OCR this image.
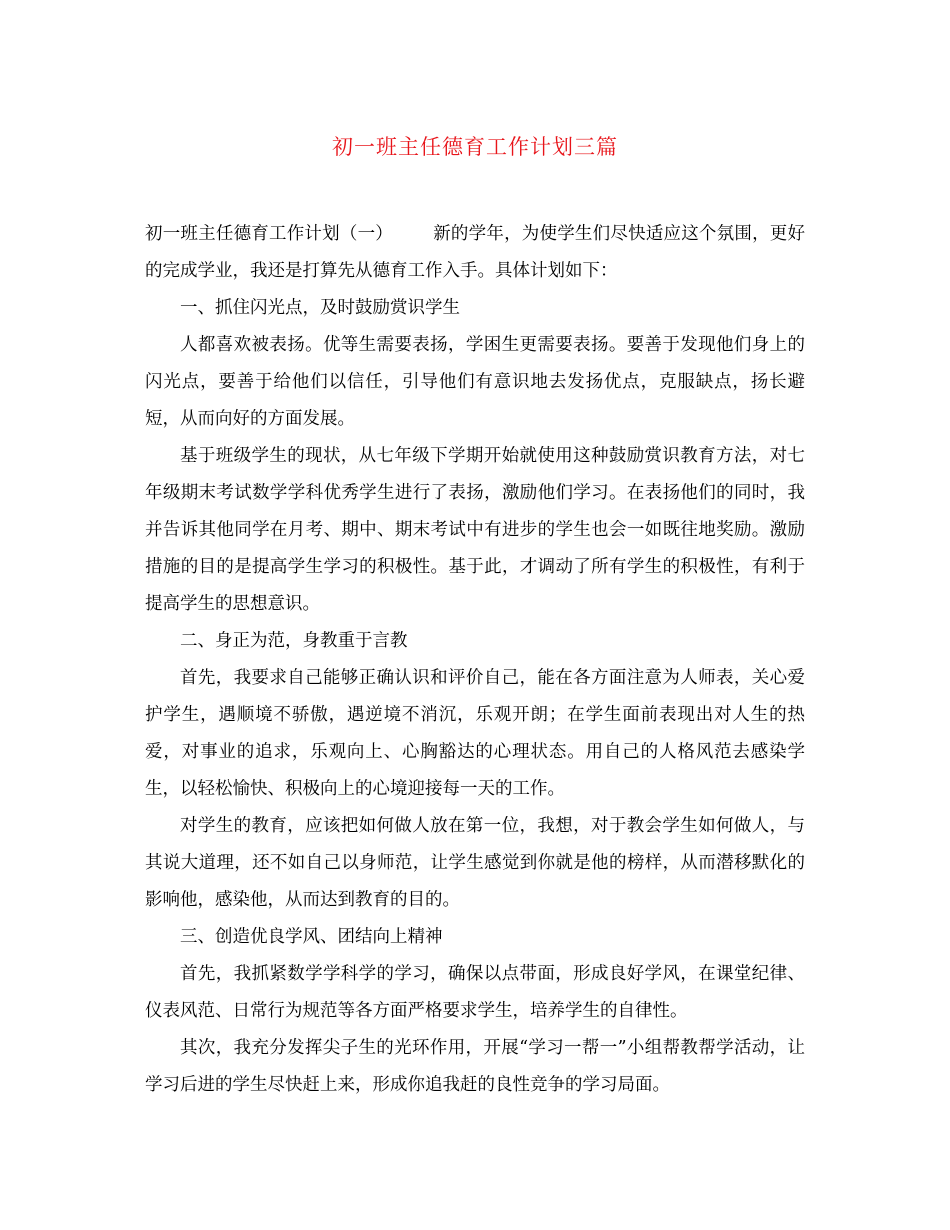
初一班主任德育工作计划三篇

初一班主任德育工作计划（一） 新的学年，为使学生们尽快适应这个氛围，更好的完成学业，我还是打算先从德育工作入手。具体计划如下：

一、抓住闪光点，及时鼓励赏识学生

人都喜欢被表扬。优等生需要表扬，学困生更需要表扬。要善于发现他们身上的闪光点，要善于给他们以信任，引导他们有意识地去发扬优点，克服缺点，扬长避短，从而向好的方面发展。

基于班级学生的现状，从七年级下学期开始就使用这种鼓励赏识教育方法，对七年级期末考试数学学科优秀学生进行了表扬，激励他们学习。在表扬他们的同时，我并告诉其他同学在月考、期中、期末考试中有进步的学生也会一如既往地奖励。激励措施的目的是提高学生学习的积极性。基于此，才调动了所有学生的积极性，有利于提高学生的思想意识。

二、身正为范，身教重于言教

首先，我要求自己能够正确认识和评价自己，能在各方面注意为人师表，关心爱护学生，遇顺境不骄傲，遇逆境不消沉，乐观开朗；在学生面前表现出对人生的热爱，对事业的追求，乐观向上、心胸豁达的心理状态。用自己的人格风范去感染学生，以轻松愉快、积极向上的心境迎接每一天的工作。

对学生的教育，应该把如何做人放在第一位，我想，对于教会学生如何做人，与其说大道理，还不如自己以身师范，让学生感觉到你就是他的榜样，从而潜移默化的影响他，感染他，从而达到教育的目的。

三、创造优良学风、团结向上精神

首先，我抓紧数学学科学的学习，确保以点带面，形成良好学风，在课堂纪律、仪表风范、日常行为规范等各方面严格要求学生，培养学生的自律性。

其次，我充分发挥尖子生的光环作用，开展“学习一帮一”小组帮教帮学活动，让学习后进的学生尽快赶上来，形成你追我赶的良性竞争的学习局面。
